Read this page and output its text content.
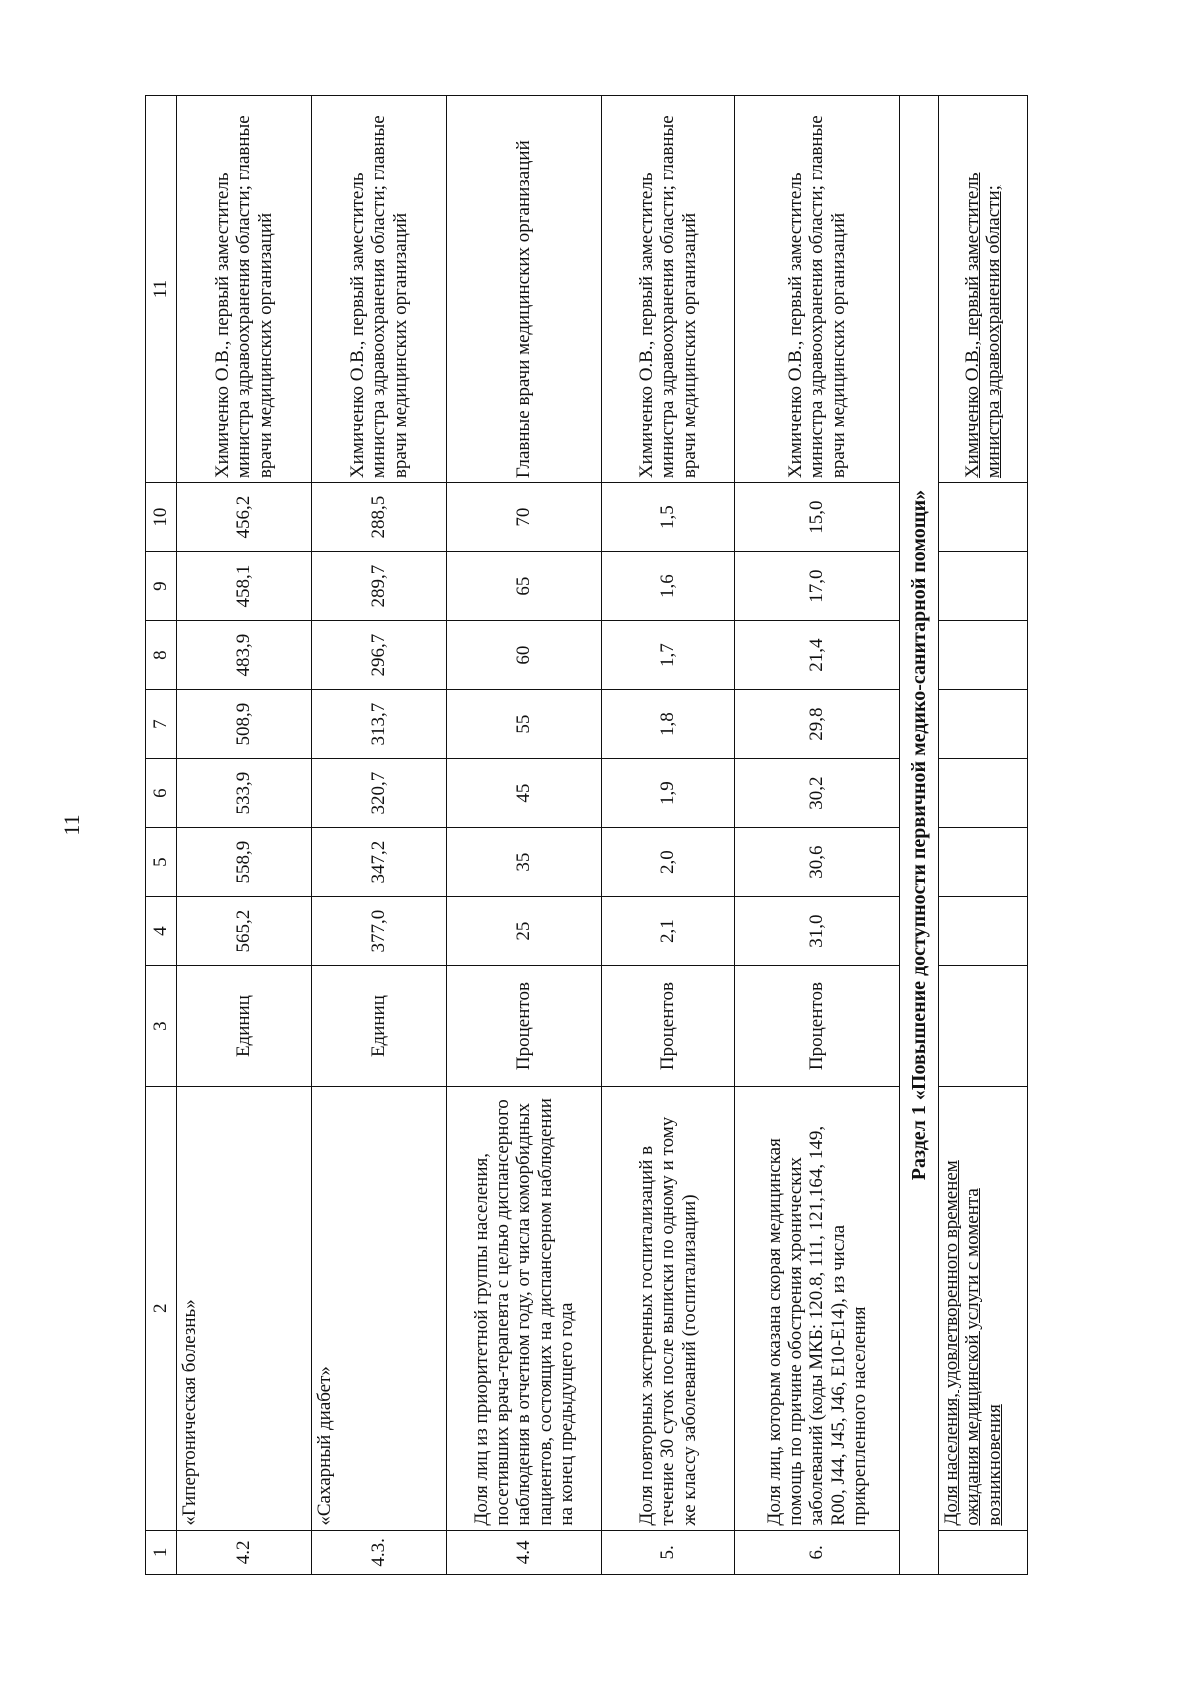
11
1	2	3	4	5	6	7	8	9	10	11
4.2	«Гипертоническая болезнь»	Единиц	565,2	558,9	533,9	508,9	483,9	458,1	456,2	Химиченко О.В., первый заместитель министра здравоохранения области; главные врачи медицинских организаций
4.3.	«Сахарный диабет»	Единиц	377,0	347,2	320,7	313,7	296,7	289,7	288,5	Химиченко О.В., первый заместитель министра здравоохранения области; главные врачи медицинских организаций
4.4	Доля лиц из приоритетной группы населения, посетивших врача-терапевта с целью диспансерного наблюдения в отчетном году, от числа коморбидных пациентов, состоящих на диспансерном наблюдении на конец предыдущего года	Процентов	25	35	45	55	60	65	70	Главные врачи медицинских организаций
5.	Доля повторных экстренных госпитализаций в течение 30 суток после выписки по одному и тому же классу заболеваний (госпитализации)	Процентов	2,1	2,0	1,9	1,8	1,7	1,6	1,5	Химиченко О.В., первый заместитель министра здравоохранения области; главные врачи медицинских организаций
6.	Доля лиц, которым оказана скорая медицинская помощь по причине обострения хронических заболеваний (коды МКБ: 120.8, 111, 121,164, 149, R00, J44, J45, J46, E10-E14), из числа прикрепленного населения	Процентов	31,0	30,6	30,2	29,8	21,4	17,0	15,0	Химиченко О.В., первый заместитель министра здравоохранения области; главные врачи медицинских организаций
Раздел 1 «Повышение доступности первичной медико-санитарной помощи»										
	Доля населения, удовлетворенного временем ожидания медицинской услуги с момента возникновения									Химиченко О.В., первый заместитель министра здравоохранения области;
